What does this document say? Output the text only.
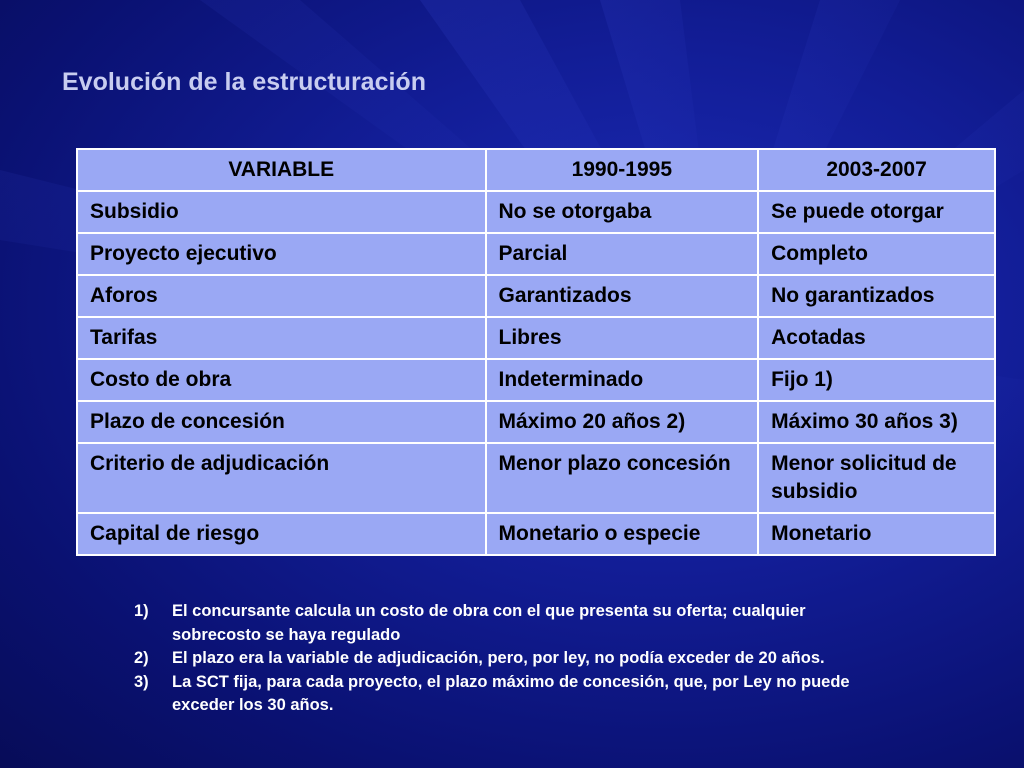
Evolución de la estructuración
VARIABLE	1990-1995	2003-2007
Subsidio	No se otorgaba	Se puede otorgar
Proyecto ejecutivo	Parcial	Completo
Aforos	Garantizados	No garantizados
Tarifas	Libres	Acotadas
Costo de obra	Indeterminado	Fijo 1)
Plazo de concesión	Máximo 20 años 2)	Máximo 30 años 3)
Criterio de adjudicación	Menor plazo concesión	Menor solicitud de subsidio
Capital de riesgo	Monetario o especie	Monetario
1)	El concursante calcula un costo de obra con el que presenta su oferta; cualquier sobrecosto se haya regulado
2)	El plazo era la variable de adjudicación, pero, por ley, no podía exceder de 20 años.
3)	La SCT fija, para cada proyecto, el plazo máximo de concesión, que, por Ley no puede exceder los 30 años.
